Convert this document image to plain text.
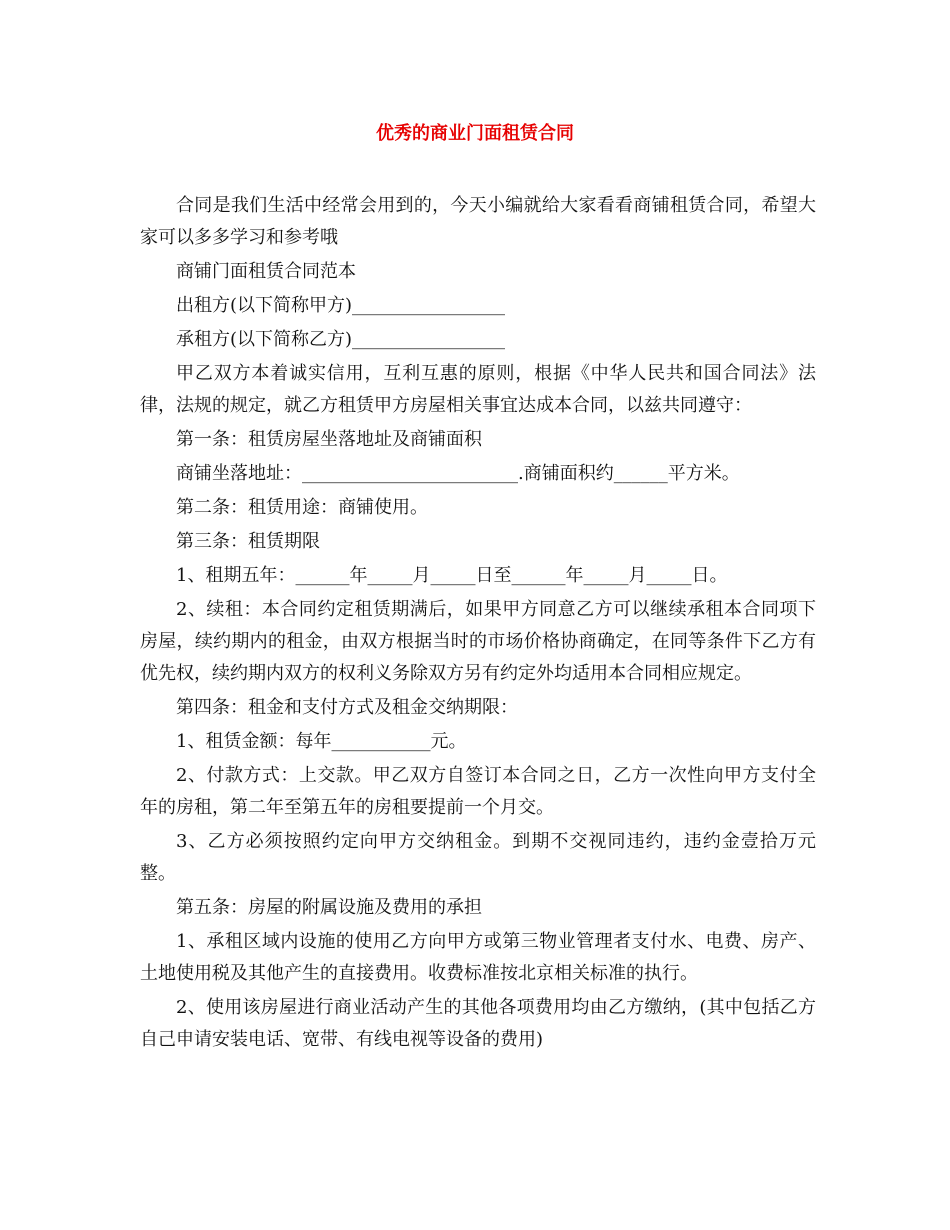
优秀的商业门面租赁合同

合同是我们生活中经常会用到的，今天小编就给大家看看商铺租赁合同，希望大家可以多多学习和参考哦

商铺门面租赁合同范本

出租方(以下简称甲方)_________________

承租方(以下简称乙方)_________________

甲乙双方本着诚实信用，互利互惠的原则，根据《中华人民共和国合同法》法律，法规的规定，就乙方租赁甲方房屋相关事宜达成本合同，以兹共同遵守：

第一条：租赁房屋坐落地址及商铺面积

商铺坐落地址：________________________.商铺面积约______平方米。

第二条：租赁用途：商铺使用。

第三条：租赁期限

1、租期五年：______年_____月_____日至______年_____月_____日。

2、续租：本合同约定租赁期满后，如果甲方同意乙方可以继续承租本合同项下房屋，续约期内的租金，由双方根据当时的市场价格协商确定，在同等条件下乙方有优先权，续约期内双方的权利义务除双方另有约定外均适用本合同相应规定。

第四条：租金和支付方式及租金交纳期限：

1、租赁金额：每年___________元。

2、付款方式：上交款。甲乙双方自签订本合同之日，乙方一次性向甲方支付全年的房租，第二年至第五年的房租要提前一个月交。

3、乙方必须按照约定向甲方交纳租金。到期不交视同违约，违约金壹拾万元整。

第五条：房屋的附属设施及费用的承担

1、承租区域内设施的使用乙方向甲方或第三物业管理者支付水、电费、房产、土地使用税及其他产生的直接费用。收费标准按北京相关标准的执行。

2、使用该房屋进行商业活动产生的其他各项费用均由乙方缴纳，(其中包括乙方自己申请安装电话、宽带、有线电视等设备的费用)
